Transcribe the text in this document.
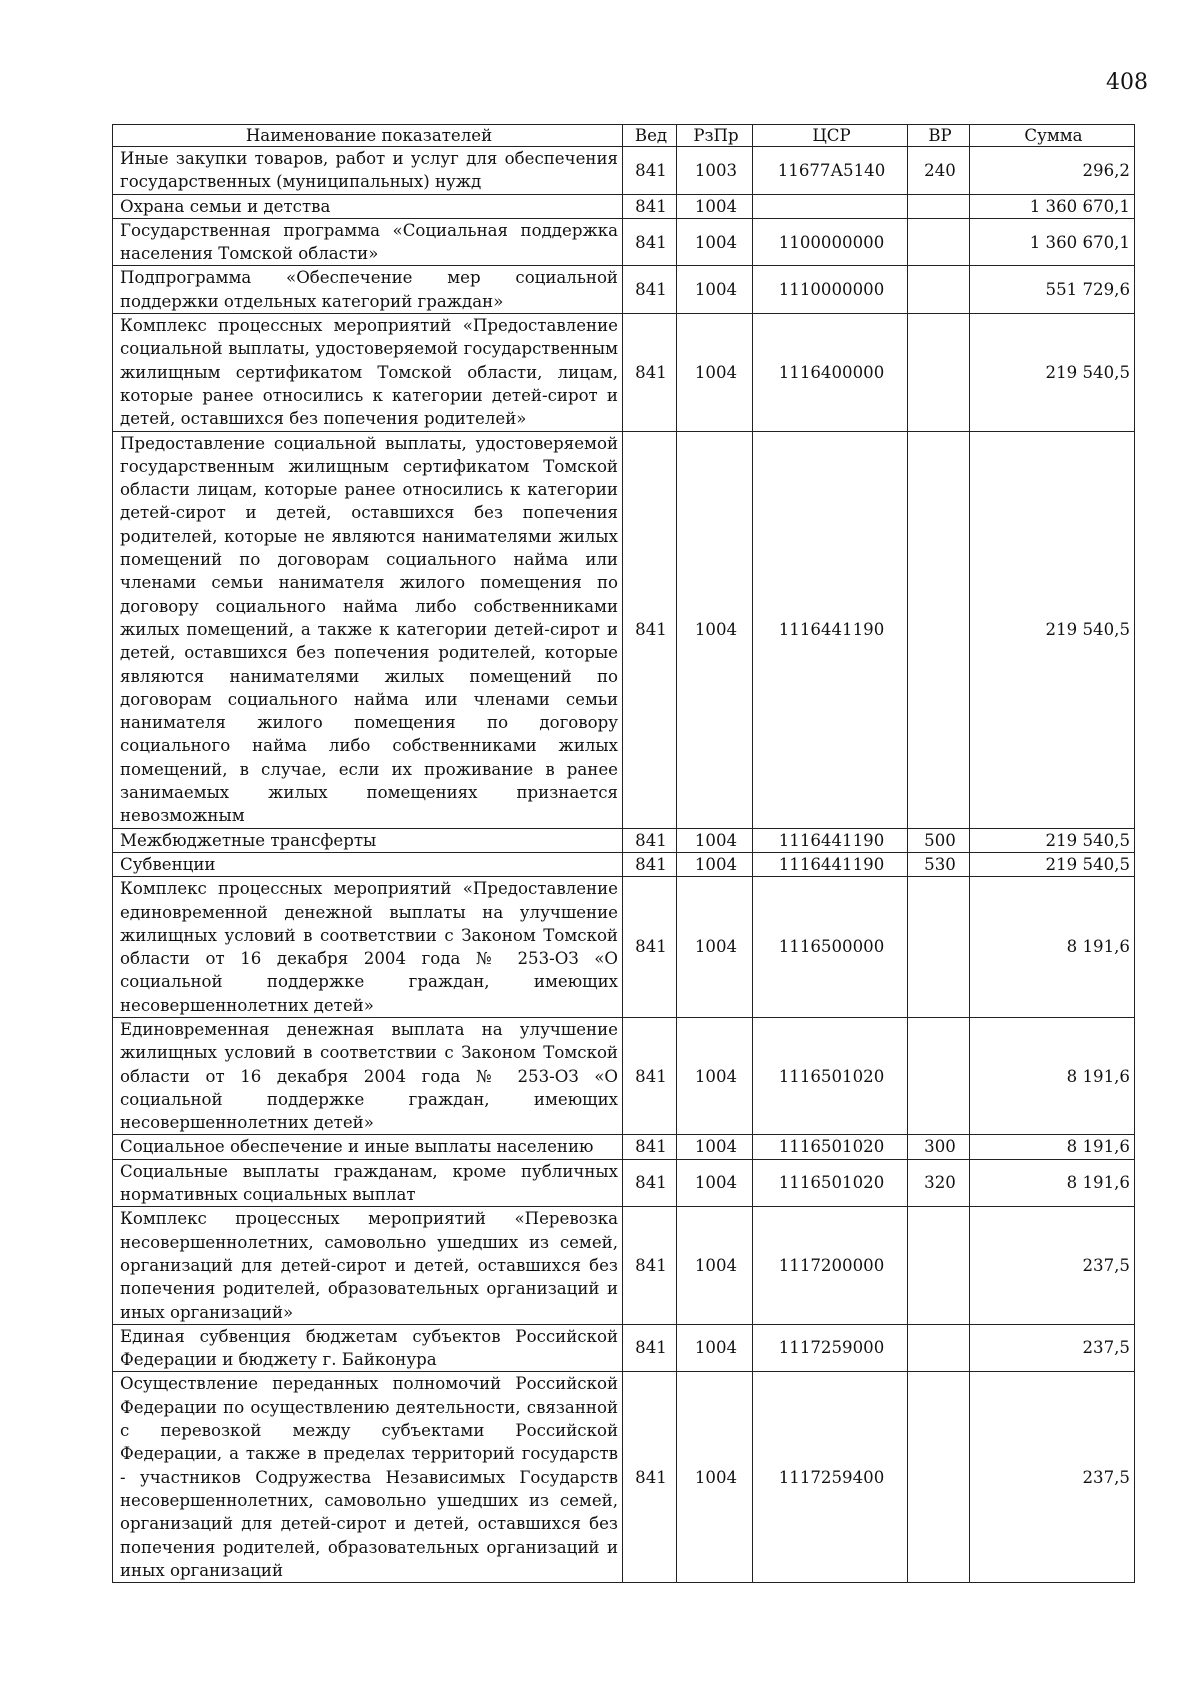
408
Наименование показателей	Вед	РзПр	ЦСР	ВР	Сумма
Иные закупки товаров, работ и услуг для обеспечения государственных (муниципальных) нужд	841	1003	11677А5140	240	296,2
Охрана семьи и детства	841	1004			1 360 670,1
Государственная программа «Социальная поддержка населения Томской области»	841	1004	1100000000		1 360 670,1
Подпрограмма «Обеспечение мер социальной поддержки отдельных категорий граждан»	841	1004	1110000000		551 729,6
Комплекс процессных мероприятий «Предоставление социальной выплаты, удостоверяемой государственным жилищным сертификатом Томской области, лицам, которые ранее относились к категории детей-сирот и детей, оставшихся без попечения родителей»	841	1004	1116400000		219 540,5
Предоставление социальной выплаты, удостоверяемой государственным жилищным сертификатом Томской области лицам, которые ранее относились к категории детей-сирот и детей, оставшихся без попечения родителей, которые не являются нанимателями жилых помещений по договорам социального найма или членами семьи нанимателя жилого помещения по договору социального найма либо собственниками жилых помещений, а также к категории детей-сирот и детей, оставшихся без попечения родителей, которые являются нанимателями жилых помещений по договорам социального найма или членами семьи нанимателя жилого помещения по договору социального найма либо собственниками жилых помещений, в случае, если их проживание в ранее занимаемых жилых помещениях признается невозможным	841	1004	1116441190		219 540,5
Межбюджетные трансферты	841	1004	1116441190	500	219 540,5
Субвенции	841	1004	1116441190	530	219 540,5
Комплекс процессных мероприятий «Предоставление единовременной денежной выплаты на улучшение жилищных условий в соответствии с Законом Томской области от 16 декабря 2004 года № 253-ОЗ «О социальной поддержке граждан, имеющих несовершеннолетних детей»	841	1004	1116500000		8 191,6
Единовременная денежная выплата на улучшение жилищных условий в соответствии с Законом Томской области от 16 декабря 2004 года № 253-ОЗ «О социальной поддержке граждан, имеющих несовершеннолетних детей»	841	1004	1116501020		8 191,6
Социальное обеспечение и иные выплаты населению	841	1004	1116501020	300	8 191,6
Социальные выплаты гражданам, кроме публичных нормативных социальных выплат	841	1004	1116501020	320	8 191,6
Комплекс процессных мероприятий «Перевозка несовершеннолетних, самовольно ушедших из семей, организаций для детей-сирот и детей, оставшихся без попечения родителей, образовательных организаций и иных организаций»	841	1004	1117200000		237,5
Единая субвенция бюджетам субъектов Российской Федерации и бюджету г. Байконура	841	1004	1117259000		237,5
Осуществление переданных полномочий Российской Федерации по осуществлению деятельности, связанной с перевозкой между субъектами Российской Федерации, а также в пределах территорий государств - участников Содружества Независимых Государств несовершеннолетних, самовольно ушедших из семей, организаций для детей-сирот и детей, оставшихся без попечения родителей, образовательных организаций и иных организаций	841	1004	1117259400		237,5
